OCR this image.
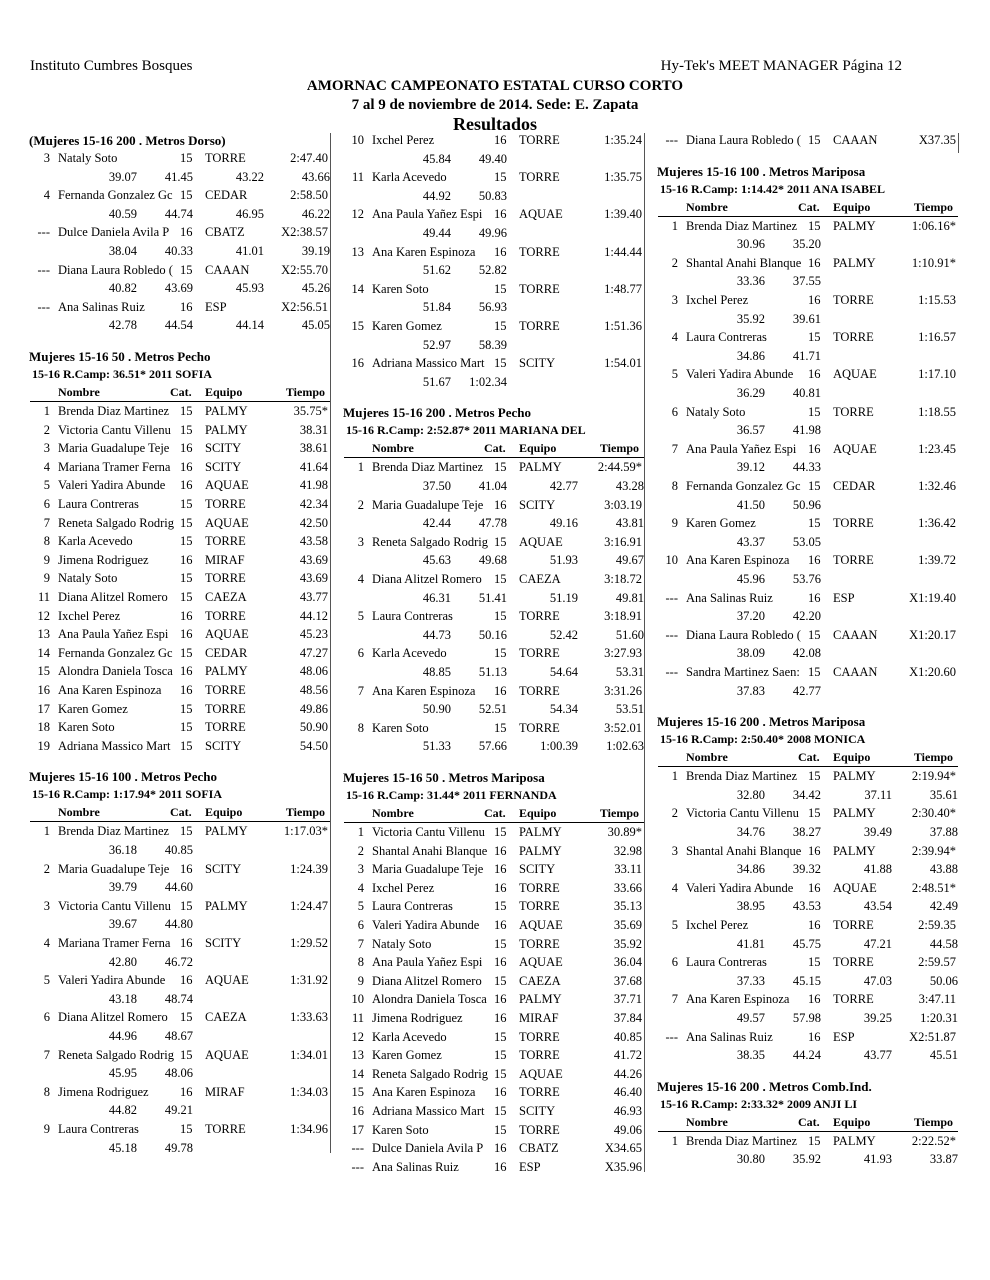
Instituto Cumbres Bosques	Hy-Tek's MEET MANAGER Página 12
AMORNAC CAMPEONATO ESTATAL CURSO CORTO
7 al 9 de noviembre de 2014. Sede: E. Zapata
Resultados
(Mujeres 15-16 200 . Metros Dorso)
3 Nataly Soto	15	TORRE	2:47.40
39.07	41.45	43.22	43.66
4 Fernanda Gonzalez Gc 15	CEDAR	2:58.50
40.59	44.74	46.95	46.22
--- Dulce Daniela Avila P 16	CBATZ	X2:38.57
38.04	40.33	41.01	39.19
--- Diana Laura Robledo ( 15	CAAAN	X2:55.70
40.82	43.69	45.93	45.26
--- Ana Salinas Ruiz	16	ESP	X2:56.51
42.78	44.54	44.14	45.05
Mujeres 15-16 50 . Metros Pecho
15-16 R.Camp: 36.51* 2011 SOFIA
Nombre	Cat.	Equipo	Tiempo
1 Brenda Diaz Martinez 15	PALMY	35.75*
2 Victoria Cantu Villenu 15	PALMY	38.31
3 Maria Guadalupe Teje 16	SCITY	38.61
4 Mariana Tramer Ferna 16	SCITY	41.64
5 Valeri Yadira Abunde	16	AQUAE	41.98
6 Laura Contreras	15	TORRE	42.34
7 Reneta Salgado Rodrig 15	AQUAE	42.50
8 Karla Acevedo	15	TORRE	43.58
9 Jimena Rodriguez	16	MIRAF	43.69
9 Nataly Soto	15	TORRE	43.69
11 Diana Alitzel Romero 15	CAEZA	43.77
12 Ixchel Perez	16	TORRE	44.12
13 Ana Paula Yañez Espi 16	AQUAE	45.23
14 Fernanda Gonzalez Gc 15	CEDAR	47.27
15 Alondra Daniela Tosca 16	PALMY	48.06
16 Ana Karen Espinoza	16	TORRE	48.56
17 Karen Gomez	15	TORRE	49.86
18 Karen Soto	15	TORRE	50.90
19 Adriana Massico Mart 15	SCITY	54.50
Mujeres 15-16 100 . Metros Pecho
15-16 R.Camp: 1:17.94* 2011 SOFIA
Nombre	Cat.	Equipo	Tiempo
1 Brenda Diaz Martinez 15	PALMY	1:17.03*
36.18	40.85
2 Maria Guadalupe Teje 16	SCITY	1:24.39
39.79	44.60
3 Victoria Cantu Villenu 15	PALMY	1:24.47
39.67	44.80
4 Mariana Tramer Ferna 16	SCITY	1:29.52
42.80	46.72
5 Valeri Yadira Abunde	16	AQUAE	1:31.92
43.18	48.74
6 Diana Alitzel Romero 15	CAEZA	1:33.63
44.96	48.67
7 Reneta Salgado Rodrig 15	AQUAE	1:34.01
45.95	48.06
8 Jimena Rodriguez	16	MIRAF	1:34.03
44.82	49.21
9 Laura Contreras	15	TORRE	1:34.96
45.18	49.78
10 Ixchel Perez	16	TORRE	1:35.24
45.84	49.40
11 Karla Acevedo	15	TORRE	1:35.75
44.92	50.83
12 Ana Paula Yañez Espi 16	AQUAE	1:39.40
49.44	49.96
13 Ana Karen Espinoza	16	TORRE	1:44.44
51.62	52.82
14 Karen Soto	15	TORRE	1:48.77
51.84	56.93
15 Karen Gomez	15	TORRE	1:51.36
52.97	58.39
16 Adriana Massico Mart 15	SCITY	1:54.01
51.67	1:02.34
Mujeres 15-16 200 . Metros Pecho
15-16 R.Camp: 2:52.87* 2011 MARIANA DEL
Nombre	Cat.	Equipo	Tiempo
1 Brenda Diaz Martinez 15	PALMY	2:44.59*
37.50	41.04	42.77	43.28
2 Maria Guadalupe Teje 16	SCITY	3:03.19
42.44	47.78	49.16	43.81
3 Reneta Salgado Rodrig 15	AQUAE	3:16.91
45.63	49.68	51.93	49.67
4 Diana Alitzel Romero 15	CAEZA	3:18.72
46.31	51.41	51.19	49.81
5 Laura Contreras	15	TORRE	3:18.91
44.73	50.16	52.42	51.60
6 Karla Acevedo	15	TORRE	3:27.93
48.85	51.13	54.64	53.31
7 Ana Karen Espinoza	16	TORRE	3:31.26
50.90	52.51	54.34	53.51
8 Karen Soto	15	TORRE	3:52.01
51.33	57.66	1:00.39	1:02.63
Mujeres 15-16 50 . Metros Mariposa
15-16 R.Camp: 31.44* 2011 FERNANDA
Nombre	Cat.	Equipo	Tiempo
1 Victoria Cantu Villenu 15	PALMY	30.89*
2 Shantal Anahi Blanque 16	PALMY	32.98
3 Maria Guadalupe Teje 16	SCITY	33.11
4 Ixchel Perez	16	TORRE	33.66
5 Laura Contreras	15	TORRE	35.13
6 Valeri Yadira Abunde	16	AQUAE	35.69
7 Nataly Soto	15	TORRE	35.92
8 Ana Paula Yañez Espi 16	AQUAE	36.04
9 Diana Alitzel Romero 15	CAEZA	37.68
10 Alondra Daniela Tosca 16	PALMY	37.71
11 Jimena Rodriguez	16	MIRAF	37.84
12 Karla Acevedo	15	TORRE	40.85
13 Karen Gomez	15	TORRE	41.72
14 Reneta Salgado Rodrig 15	AQUAE	44.26
15 Ana Karen Espinoza	16	TORRE	46.40
16 Adriana Massico Mart 15	SCITY	46.93
17 Karen Soto	15	TORRE	49.06
--- Dulce Daniela Avila P 16	CBATZ	X34.65
--- Ana Salinas Ruiz	16	ESP	X35.96
--- Diana Laura Robledo ( 15	CAAAN	X37.35
Mujeres 15-16 100 . Metros Mariposa
15-16 R.Camp: 1:14.42* 2011 ANA ISABEL
Nombre	Cat.	Equipo	Tiempo
1 Brenda Diaz Martinez 15	PALMY	1:06.16*
30.96	35.20
2 Shantal Anahi Blanque 16	PALMY	1:10.91*
33.36	37.55
3 Ixchel Perez	16	TORRE	1:15.53
35.92	39.61
4 Laura Contreras	15	TORRE	1:16.57
34.86	41.71
5 Valeri Yadira Abunde	16	AQUAE	1:17.10
36.29	40.81
6 Nataly Soto	15	TORRE	1:18.55
36.57	41.98
7 Ana Paula Yañez Espi 16	AQUAE	1:23.45
39.12	44.33
8 Fernanda Gonzalez Gc 15	CEDAR	1:32.46
41.50	50.96
9 Karen Gomez	15	TORRE	1:36.42
43.37	53.05
10 Ana Karen Espinoza	16	TORRE	1:39.72
45.96	53.76
--- Ana Salinas Ruiz	16	ESP	X1:19.40
37.20	42.20
--- Diana Laura Robledo ( 15	CAAAN	X1:20.17
38.09	42.08
--- Sandra Martinez Saen: 15	CAAAN	X1:20.60
37.83	42.77
Mujeres 15-16 200 . Metros Mariposa
15-16 R.Camp: 2:50.40* 2008 MONICA
Nombre	Cat.	Equipo	Tiempo
1 Brenda Diaz Martinez 15	PALMY	2:19.94*
32.80	34.42	37.11	35.61
2 Victoria Cantu Villenu 15	PALMY	2:30.40*
34.76	38.27	39.49	37.88
3 Shantal Anahi Blanque 16	PALMY	2:39.94*
34.86	39.32	41.88	43.88
4 Valeri Yadira Abunde	16	AQUAE	2:48.51*
38.95	43.53	43.54	42.49
5 Ixchel Perez	16	TORRE	2:59.35
41.81	45.75	47.21	44.58
6 Laura Contreras	15	TORRE	2:59.57
37.33	45.15	47.03	50.06
7 Ana Karen Espinoza	16	TORRE	3:47.11
49.57	57.98	39.25	1:20.31
--- Ana Salinas Ruiz	16	ESP	X2:51.87
38.35	44.24	43.77	45.51
Mujeres 15-16 200 . Metros Comb.Ind.
15-16 R.Camp: 2:33.32* 2009 ANJI LI
Nombre	Cat.	Equipo	Tiempo
1 Brenda Diaz Martinez 15	PALMY	2:22.52*
30.80	35.92	41.93	33.87
